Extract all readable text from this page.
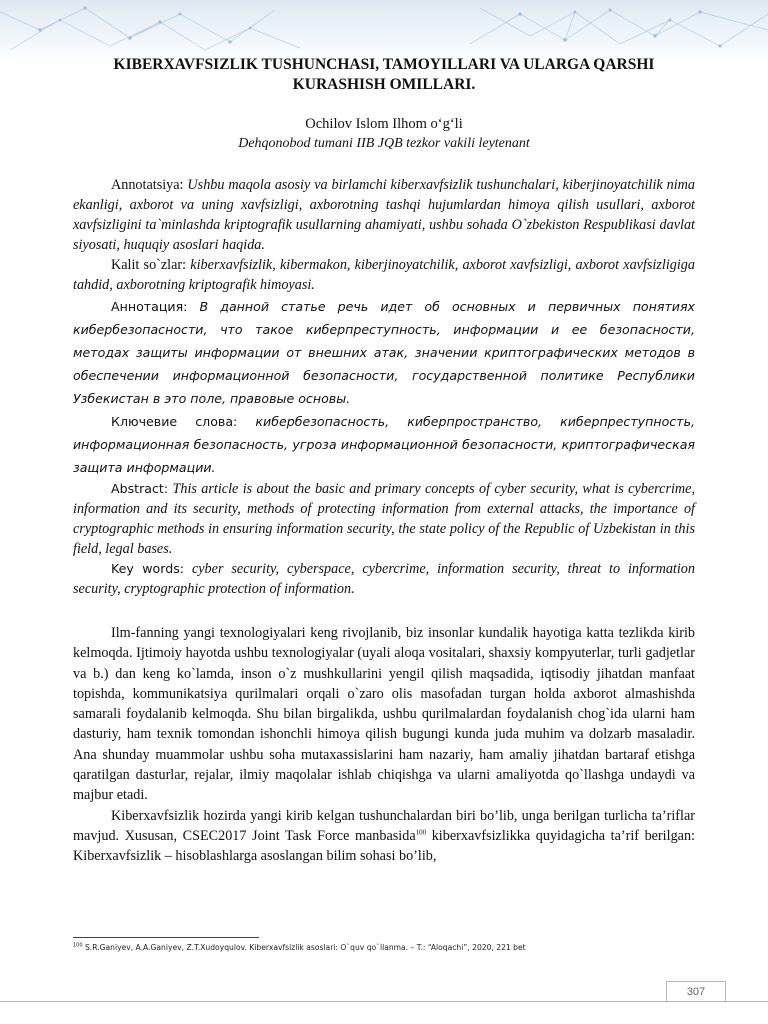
KIBERXAVFSIZLIK TUSHUNCHASI, TAMOYILLARI VA ULARGA QARSHI
KURASHISH OMILLARI.
Ochilov Islom Ilhom o‘g‘li
Dehqonobod tumani IIB JQB tezkor vakili leytenant

Annotatsiya: Ushbu maqola asosiy va birlamchi kiberxavfsizlik tushunchalari, kiberjinoyatchilik nima ekanligi, axborot va uning xavfsizligi, axborotning tashqi hujumlardan himoya qilish usullari, axborot xavfsizligini ta`minlashda kriptografik usullarning ahamiyati, ushbu sohada O`zbekiston Respublikasi davlat siyosati, huquqiy asoslari haqida.

Kalit so`zlar: kiberxavfsizlik, kibermakon, kiberjinoyatchilik, axborot xavfsizligi, axborot xavfsizligiga tahdid, axborotning kriptografik himoyasi.

Аннотация: В данной статье речь идет об основных и первичных понятиях кибербезопасности, что такое киберпреступность, информации и ее безопасности, методах защиты информации от внешних атак, значении криптографических методов в обеспечении информационной безопасности, государственной политике Республики Узбекистан в это поле, правовые основы.

Ключевие слова: кибербезопасность, киберпространство, киберпреступность, информационная безопасность, угроза информационной безопасности, криптографическая защита информации.

Abstract: This article is about the basic and primary concepts of cyber security, what is cybercrime, information and its security, methods of protecting information from external attacks, the importance of cryptographic methods in ensuring information security, the state policy of the Republic of Uzbekistan in this field, legal bases.

Key words: cyber security, cyberspace, cybercrime, information security, threat to information security, cryptographic protection of information.

Ilm-fanning yangi texnologiyalari keng rivojlanib, biz insonlar kundalik hayotiga katta tezlikda kirib kelmoqda. Ijtimoiy hayotda ushbu texnologiyalar (uyali aloqa vositalari, shaxsiy kompyuterlar, turli gadjetlar va b.) dan keng ko`lamda, inson o`z mushkullarini yengil qilish maqsadida, iqtisodiy jihatdan manfaat topishda, kommunikatsiya qurilmalari orqali o`zaro olis masofadan turgan holda axborot almashishda samarali foydalanib kelmoqda. Shu bilan birgalikda, ushbu qurilmalardan foydalanish chog`ida ularni ham dasturiy, ham texnik tomondan ishonchli himoya qilish bugungi kunda juda muhim va dolzarb masaladir. Ana shunday muammolar ushbu soha mutaxassislarini ham nazariy, ham amaliy jihatdan bartaraf etishga qaratilgan dasturlar, rejalar, ilmiy maqolalar ishlab chiqishga va ularni amaliyotda qo`llashga undaydi va majbur etadi.

Kiberxavfsizlik hozirda yangi kirib kelgan tushunchalardan biri bo’lib, unga berilgan turlicha ta’riflar mavjud. Xususan, CSEC2017 Joint Task Force manbasida$^{100}$ kiberxavfsizlikka quyidagicha ta’rif berilgan: Kiberxavfsizlik – hisoblashlarga asoslangan bilim sohasi bo’lib,

$^{100}$ S.R.Ganiyev, A.A.Ganiyev, Z.T.Xudoyqulov. Kiberxavfsizlik asoslari: O`quv qo`llanma. – T.: “Aloqachi”, 2020, 221 bet
307
